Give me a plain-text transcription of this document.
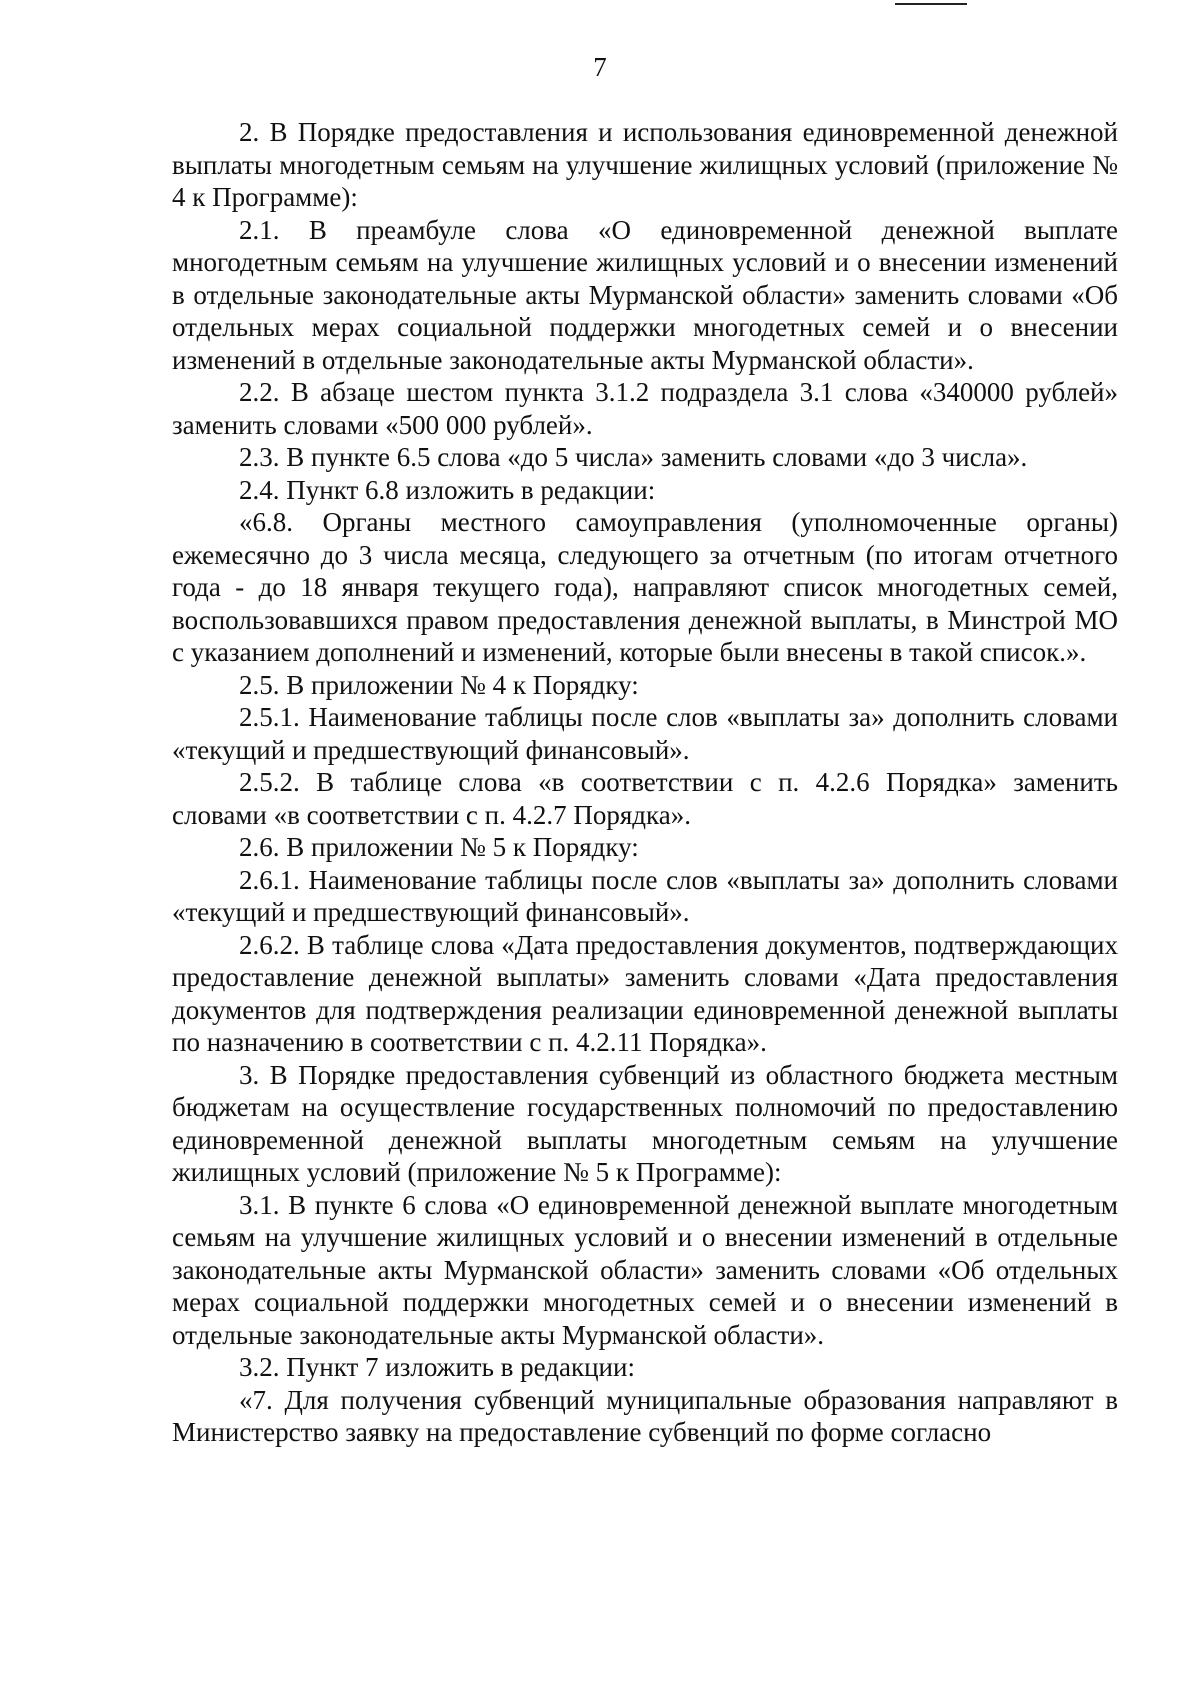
7

2. В Порядке предоставления и использования единовременной денежной выплаты многодетным семьям на улучшение жилищных условий (приложение № 4 к Программе):

2.1. В преамбуле слова «О единовременной денежной выплате многодетным семьям на улучшение жилищных условий и о внесении изменений в отдельные законодательные акты Мурманской области» заменить словами «Об отдельных мерах социальной поддержки многодетных семей и о внесении изменений в отдельные законодательные акты Мурманской области».

2.2. В абзаце шестом пункта 3.1.2 подраздела 3.1 слова «340000 рублей» заменить словами «500 000 рублей».

2.3. В пункте 6.5 слова «до 5 числа» заменить словами «до 3 числа».

2.4. Пункт 6.8 изложить в редакции:

«6.8. Органы местного самоуправления (уполномоченные органы) ежемесячно до 3 числа месяца, следующего за отчетным (по итогам отчетного года - до 18 января текущего года), направляют список многодетных семей, воспользовавшихся правом предоставления денежной выплаты, в Минстрой МО с указанием дополнений и изменений, которые были внесены в такой список.».

2.5. В приложении № 4 к Порядку:

2.5.1. Наименование таблицы после слов «выплаты за» дополнить словами «текущий и предшествующий финансовый».

2.5.2. В таблице слова «в соответствии с п. 4.2.6 Порядка» заменить словами «в соответствии с п. 4.2.7 Порядка».

2.6. В приложении № 5 к Порядку:

2.6.1. Наименование таблицы после слов «выплаты за» дополнить словами «текущий и предшествующий финансовый».

2.6.2. В таблице слова «Дата предоставления документов, подтверждающих предоставление денежной выплаты» заменить словами «Дата предоставления документов для подтверждения реализации единовременной денежной выплаты по назначению в соответствии с п. 4.2.11 Порядка».

3. В Порядке предоставления субвенций из областного бюджета местным бюджетам на осуществление государственных полномочий по предоставлению единовременной денежной выплаты многодетным семьям на улучшение жилищных условий (приложение № 5 к Программе):

3.1. В пункте 6 слова «О единовременной денежной выплате многодетным семьям на улучшение жилищных условий и о внесении изменений в отдельные законодательные акты Мурманской области» заменить словами «Об отдельных мерах социальной поддержки многодетных семей и о внесении изменений в отдельные законодательные акты Мурманской области».

3.2. Пункт 7 изложить в редакции:

«7. Для получения субвенций муниципальные образования направляют в Министерство заявку на предоставление субвенций по форме согласно
